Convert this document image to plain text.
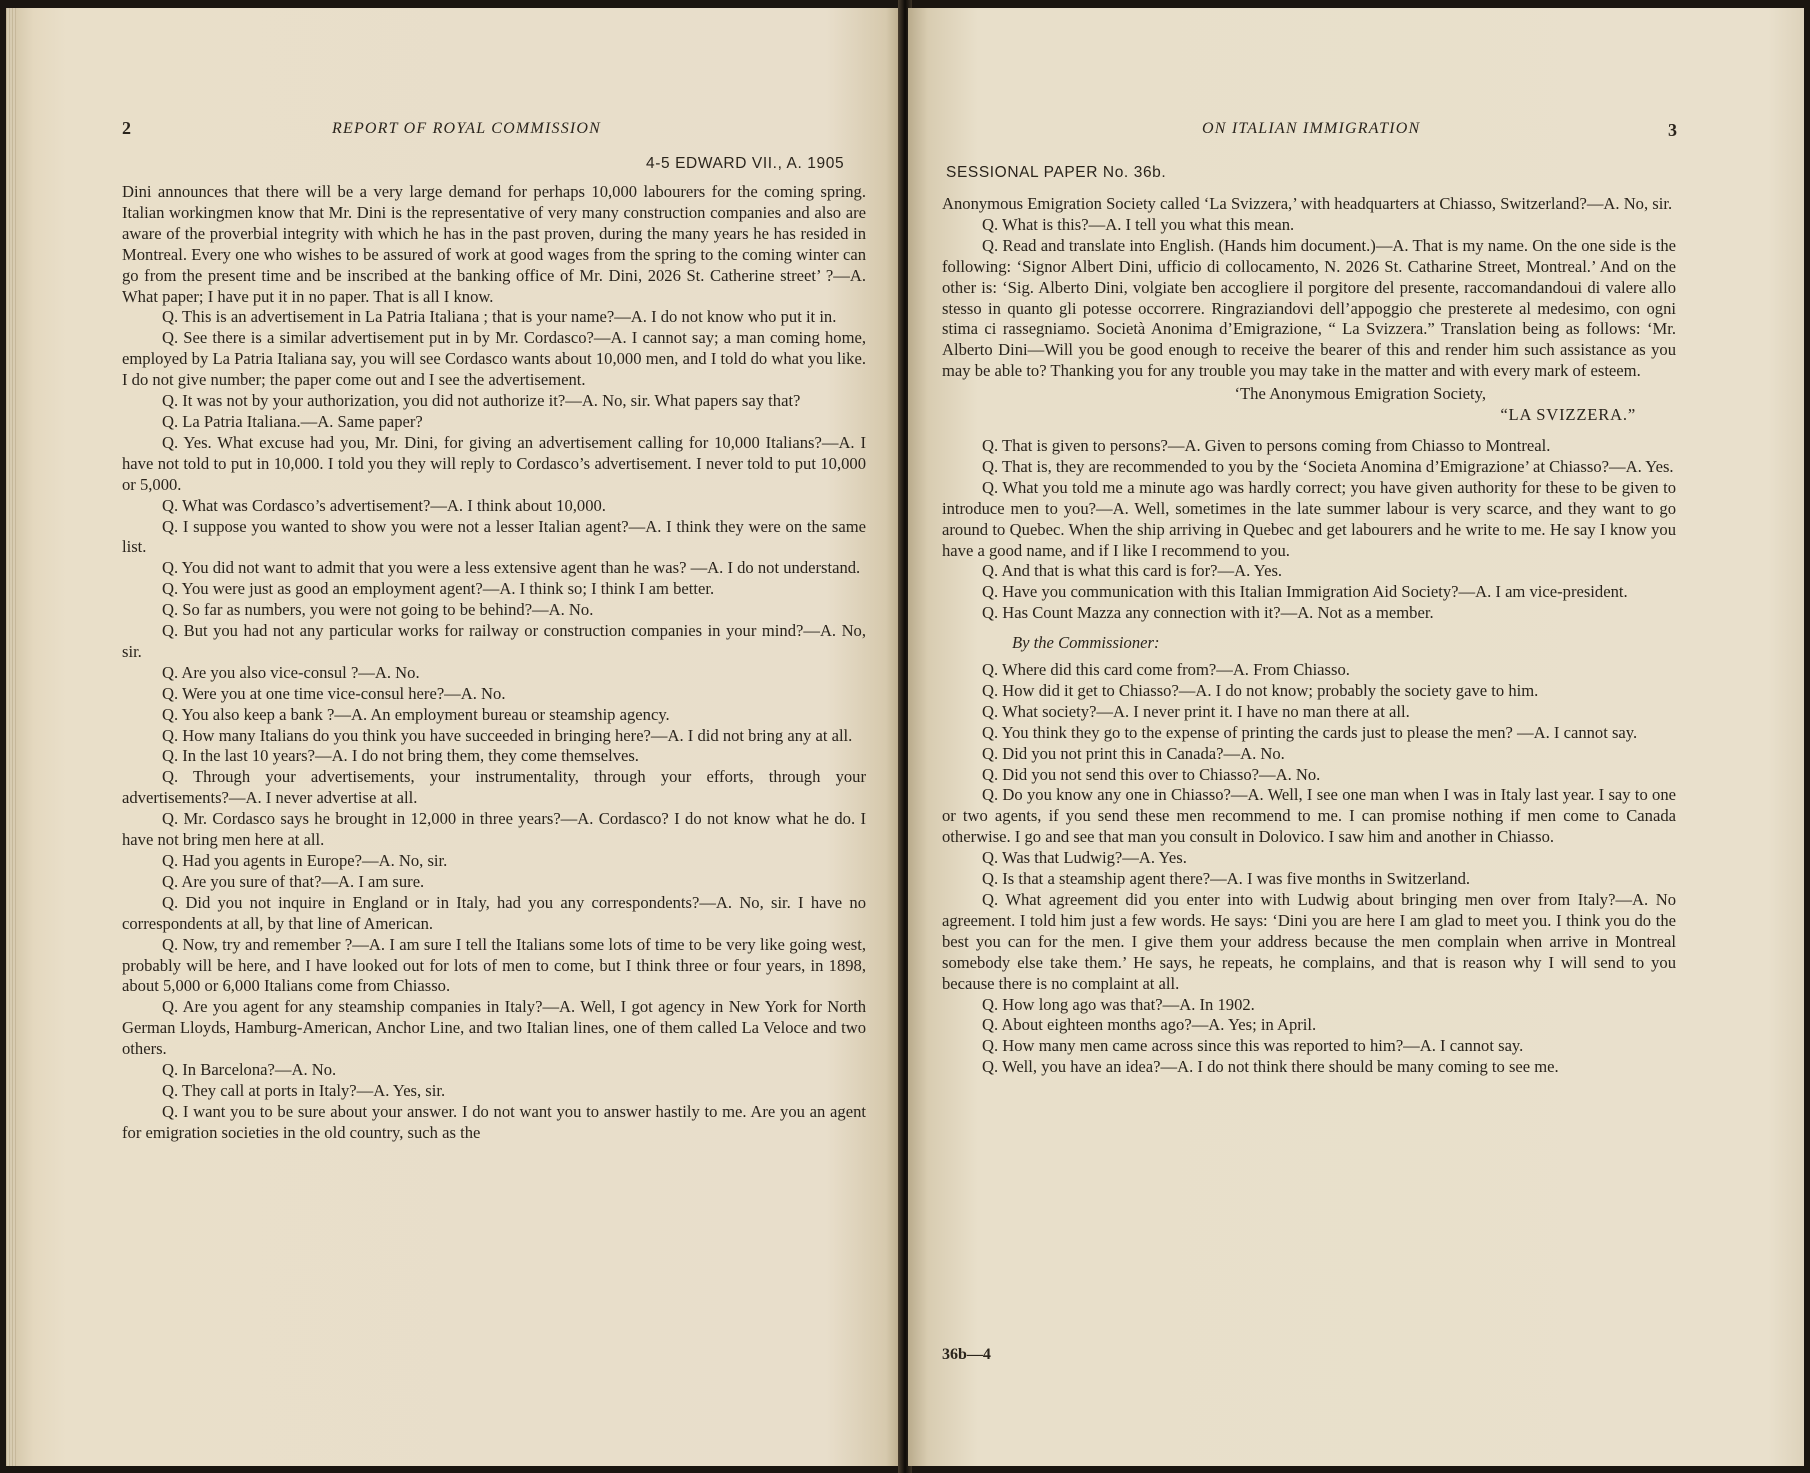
2	REPORT OF ROYAL COMMISSION
4-5 EDWARD VII., A. 1905

Dini announces that there will be a very large demand for perhaps 10,000 labourers for the coming spring. Italian workingmen know that Mr. Dini is the representative of very many construction companies and also are aware of the proverbial integrity with which he has in the past proven, during the many years he has resided in Montreal. Every one who wishes to be assured of work at good wages from the spring to the coming winter can go from the present time and be inscribed at the banking office of Mr. Dini, 2026 St. Catherine street’ ?—A. What paper; I have put it in no paper. That is all I know.

Q. This is an advertisement in La Patria Italiana ; that is your name?—A. I do not know who put it in.

Q. See there is a similar advertisement put in by Mr. Cordasco?—A. I cannot say; a man coming home, employed by La Patria Italiana say, you will see Cordasco wants about 10,000 men, and I told do what you like. I do not give number; the paper come out and I see the advertisement.

Q. It was not by your authorization, you did not authorize it?—A. No, sir. What papers say that?

Q. La Patria Italiana.—A. Same paper?

Q. Yes. What excuse had you, Mr. Dini, for giving an advertisement calling for 10,000 Italians?—A. I have not told to put in 10,000. I told you they will reply to Cordasco’s advertisement. I never told to put 10,000 or 5,000.

Q. What was Cordasco’s advertisement?—A. I think about 10,000.

Q. I suppose you wanted to show you were not a lesser Italian agent?—A. I think they were on the same list.

Q. You did not want to admit that you were a less extensive agent than he was? —A. I do not understand.

Q. You were just as good an employment agent?—A. I think so; I think I am better.

Q. So far as numbers, you were not going to be behind?—A. No.

Q. But you had not any particular works for railway or construction companies in your mind?—A. No, sir.

Q. Are you also vice-consul ?—A. No.

Q. Were you at one time vice-consul here?—A. No.

Q. You also keep a bank ?—A. An employment bureau or steamship agency.

Q. How many Italians do you think you have succeeded in bringing here?—A. I did not bring any at all.

Q. In the last 10 years?—A. I do not bring them, they come themselves.

Q. Through your advertisements, your instrumentality, through your efforts, through your advertisements?—A. I never advertise at all.

Q. Mr. Cordasco says he brought in 12,000 in three years?—A. Cordasco? I do not know what he do. I have not bring men here at all.

Q. Had you agents in Europe?—A. No, sir.

Q. Are you sure of that?—A. I am sure.

Q. Did you not inquire in England or in Italy, had you any correspondents?—A. No, sir. I have no correspondents at all, by that line of American.

Q. Now, try and remember ?—A. I am sure I tell the Italians some lots of time to be very like going west, probably will be here, and I have looked out for lots of men to come, but I think three or four years, in 1898, about 5,000 or 6,000 Italians come from Chiasso.

Q. Are you agent for any steamship companies in Italy?—A. Well, I got agency in New York for North German Lloyds, Hamburg-American, Anchor Line, and two Italian lines, one of them called La Veloce and two others.

Q. In Barcelona?—A. No.

Q. They call at ports in Italy?—A. Yes, sir.

Q. I want you to be sure about your answer. I do not want you to answer hastily to me. Are you an agent for emigration societies in the old country, such as the

ON ITALIAN IMMIGRATION	3
SESSIONAL PAPER No. 36b.

Anonymous Emigration Society called ‘La Svizzera,’ with headquarters at Chiasso, Switzerland?—A. No, sir.

Q. What is this?—A. I tell you what this mean.

Q. Read and translate into English. (Hands him document.)—A. That is my name. On the one side is the following: ‘Signor Albert Dini, ufficio di collocamento, N. 2026 St. Catharine Street, Montreal.’ And on the other is: ‘Sig. Alberto Dini, volgiate ben accogliere il porgitore del presente, raccomandandoui di valere allo stesso in quanto gli potesse occorrere. Ringraziandovi dell’appoggio che presterete al medesimo, con ogni stima ci rassegniamo. Società Anonima d’Emigrazione, “ La Svizzera.” Translation being as follows: ‘Mr. Alberto Dini—Will you be good enough to receive the bearer of this and render him such assistance as you may be able to? Thanking you for any trouble you may take in the matter and with every mark of esteem.

‘The Anonymous Emigration Society,

“LA SVIZZERA.”

Q. That is given to persons?—A. Given to persons coming from Chiasso to Montreal.

Q. That is, they are recommended to you by the ‘Societa Anomina d’Emigrazione’ at Chiasso?—A. Yes.

Q. What you told me a minute ago was hardly correct; you have given authority for these to be given to introduce men to you?—A. Well, sometimes in the late summer labour is very scarce, and they want to go around to Quebec. When the ship arriving in Quebec and get labourers and he write to me. He say I know you have a good name, and if I like I recommend to you.

Q. And that is what this card is for?—A. Yes.

Q. Have you communication with this Italian Immigration Aid Society?—A. I am vice-president.

Q. Has Count Mazza any connection with it?—A. Not as a member.

By the Commissioner:

Q. Where did this card come from?—A. From Chiasso.

Q. How did it get to Chiasso?—A. I do not know; probably the society gave to him.

Q. What society?—A. I never print it. I have no man there at all.

Q. You think they go to the expense of printing the cards just to please the men? —A. I cannot say.

Q. Did you not print this in Canada?—A. No.

Q. Did you not send this over to Chiasso?—A. No.

Q. Do you know any one in Chiasso?—A. Well, I see one man when I was in Italy last year. I say to one or two agents, if you send these men recommend to me. I can promise nothing if men come to Canada otherwise. I go and see that man you consult in Dolovico. I saw him and another in Chiasso.

Q. Was that Ludwig?—A. Yes.

Q. Is that a steamship agent there?—A. I was five months in Switzerland.

Q. What agreement did you enter into with Ludwig about bringing men over from Italy?—A. No agreement. I told him just a few words. He says: ‘Dini you are here I am glad to meet you. I think you do the best you can for the men. I give them your address because the men complain when arrive in Montreal somebody else take them.’ He says, he repeats, he complains, and that is reason why I will send to you because there is no complaint at all.

Q. How long ago was that?—A. In 1902.

Q. About eighteen months ago?—A. Yes; in April.

Q. How many men came across since this was reported to him?—A. I cannot say.

Q. Well, you have an idea?—A. I do not think there should be many coming to see me.

36b—4
